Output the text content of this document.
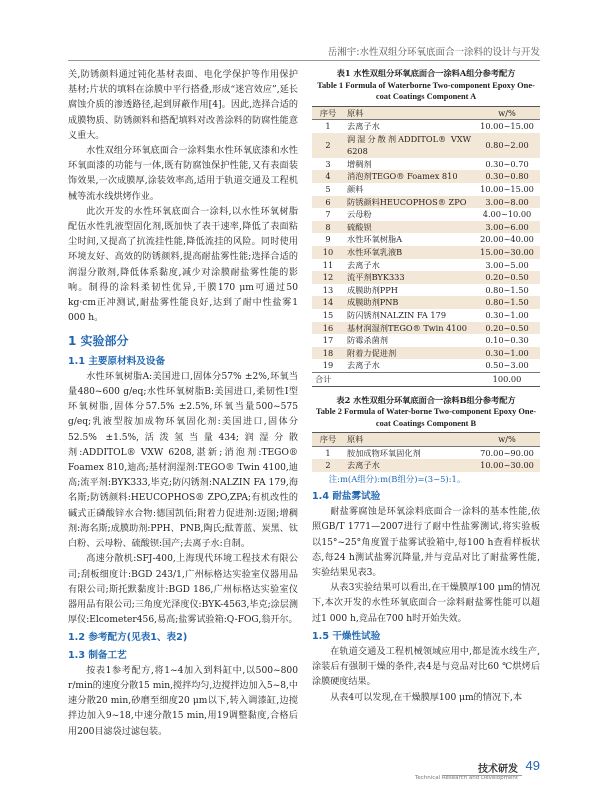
岳湘宇:水性双组分环氧底面合一涂料的设计与开发

关,防锈颜料通过钝化基材表面、电化学保护等作用保护基材;片状的填料在涂膜中平行搭叠,形成“迷宫效应”,延长腐蚀介质的渗透路径,起到屏蔽作用[4]。因此,选择合适的成膜物质、防锈颜料和搭配填料对改善涂料的防腐性能意义重大。

水性双组分环氧底面合一涂料集水性环氧底漆和水性环氧面漆的功能与一体,既有防腐蚀保护性能,又有表面装饰效果,一次成膜厚,涂装效率高,适用于轨道交通及工程机械等流水线烘烤作业。

此次开发的水性环氧底面合一涂料,以水性环氧树脂配伍水性乳液型固化剂,既加快了表干速率,降低了表面粘尘时间,又提高了抗流挂性能,降低流挂的风险。同时使用环境友好、高效的防锈颜料,提高耐盐雾性能;选择合适的润湿分散剂,降低体系黏度,减少对涂膜耐盐雾性能的影响。制得的涂料柔韧性优异,干膜170 μm可通过50 kg·cm正冲测试,耐盐雾性能良好,达到了耐中性盐雾1 000 h。

1 实验部分
1.1 主要原材料及设备

水性环氧树脂A:美国进口,固体分57% ±2%,环氧当量480~600 g/eq;水性环氧树脂B:美国进口,柔韧性Ⅰ型环氧树脂,固体分57.5% ±2.5%,环氧当量500~575 g/eq;乳液型胺加成物环氧固化剂:美国进口,固体分52.5% ±1.5%,活泼氢当量434;润湿分散剂:ADDITOL® VXW 6208,湛新;消泡剂:TEGO® Foamex 810,迪高;基材润湿剂:TEGO® Twin 4100,迪高;流平剂:BYK333,毕克;防闪锈剂:NALZIN FA 179,海名斯;防锈颜料:HEUCOPHOS® ZPO,ZPA;有机改性的碱式正磷酸锌水合物:德国凯佰;附着力促进剂:迈图;增稠剂:海名斯;成膜助剂:PPH、PNB,陶氏;酞菁蓝、炭黑、钛白粉、云母粉、硫酸钡:国产;去离子水:自制。

高速分散机:SFJ-400,上海现代环境工程技术有限公司;刮板细度计:BGD 243/1,广州标格达实验室仪器用品有限公司;斯托默黏度计:BGD 186,广州标格达实验室仪器用品有限公司;三角度光泽度仪:BYK-4563,毕克;涂层测厚仪:Elcometer456,易高;盐雾试验箱:Q-FOG,翁开尔。

1.2 参考配方(见表1、表2)
1.3 制备工艺

按表1参考配方,将1~4加入到料缸中,以500~800 r/min的速度分散15 min,搅拌均匀,边搅拌边加入5~8,中速分散20 min,砂磨至细度20 μm以下,转入调漆缸,边搅拌边加入9~18,中速分散15 min,用19调整黏度,合格后用200目滤袋过滤包装。

表1 水性双组分环氧底面合一涂料A组分参考配方
Table 1 Formula of Waterborne Two-component Epoxy One-coat Coatings Component A
序号	原料	w/%
1	去离子水	10.00~15.00
2	润湿分散剂ADDITOL® VXW 6208	0.80~2.00
3	增稠剂	0.30~0.70
4	消泡剂TEGO® Foamex 810	0.30~0.80
5	颜料	10.00~15.00
6	防锈颜料HEUCOPHOS® ZPO	3.00~8.00
7	云母粉	4.00~10.00
8	硫酸钡	3.00~6.00
9	水性环氧树脂A	20.00~40.00
10	水性环氧乳液B	15.00~30.00
11	去离子水	3.00~5.00
12	流平剂BYK333	0.20~0.50
13	成膜助剂PPH	0.80~1.50
14	成膜助剂PNB	0.80~1.50
15	防闪锈剂NALZIN FA 179	0.30~1.00
16	基材润湿剂TEGO® Twin 4100	0.20~0.50
17	防霉杀菌剂	0.10~0.30
18	附着力促进剂	0.30~1.00
19	去离子水	0.50~3.00
合计		100.00
表2 水性双组分环氧底面合一涂料B组分参考配方
Table 2 Formula of Water-borne Two-component Epoxy One-coat Coatings Component B
序号	原料	w/%
1	胺加成物环氧固化剂	70.00~90.00
2	去离子水	10.00~30.00

注:m(A组分):m(B组分)=(3~5):1。

1.4 耐盐雾试验

耐盐雾腐蚀是环氧涂料底面合一涂料的基本性能,依照GB/T 1771—2007进行了耐中性盐雾测试,将实验板以15°~25°角度置于盐雾试验箱中,每100 h查看样板状态,每24 h测试盐雾沉降量,并与竞品对比了耐盐雾性能,实验结果见表3。

从表3实验结果可以看出,在干燥膜厚100 μm的情况下,本次开发的水性环氧底面合一涂料耐盐雾性能可以超过1 000 h,竞品在700 h时开始失效。

1.5 干燥性试验

在轨道交通及工程机械领域应用中,都是流水线生产,涂装后有强制干燥的条件,表4是与竞品对比60 ℃烘烤后涂膜硬度结果。

从表4可以发现,在干燥膜厚100 μm的情况下,本

技术研发
Technical Research and Development
49
